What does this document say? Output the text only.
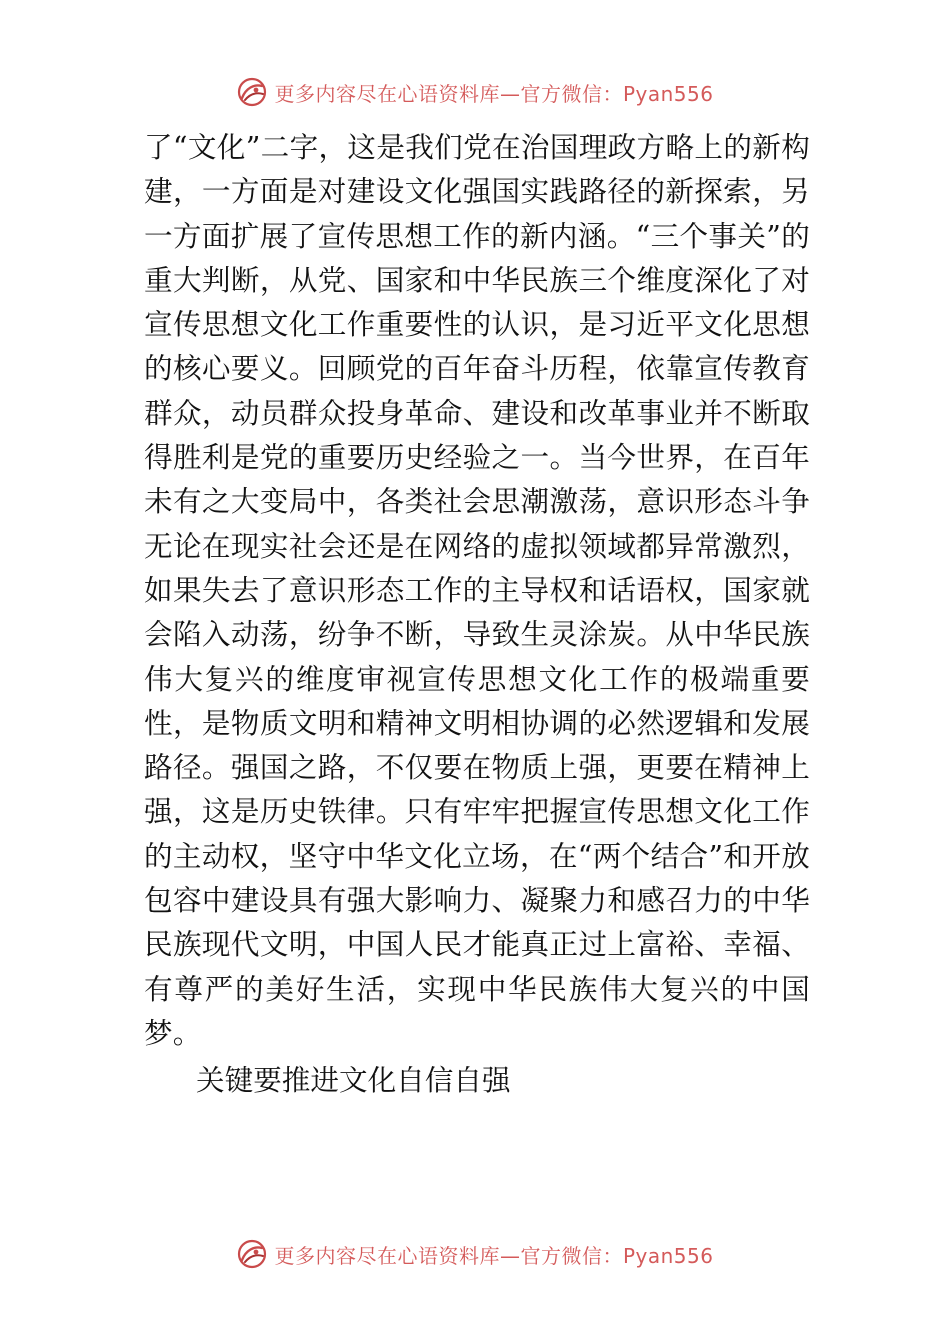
更多内容尽在心语资料库—官方微信：Pyan556

了“文化”二字，这是我们党在治国理政方略上的新构建，一方面是对建设文化强国实践路径的新探索，另一方面扩展了宣传思想工作的新内涵。“三个事关”的重大判断，从党、国家和中华民族三个维度深化了对宣传思想文化工作重要性的认识，是习近平文化思想的核心要义。回顾党的百年奋斗历程，依靠宣传教育群众，动员群众投身革命、建设和改革事业并不断取得胜利是党的重要历史经验之一。当今世界，在百年未有之大变局中，各类社会思潮激荡，意识形态斗争无论在现实社会还是在网络的虚拟领域都异常激烈，如果失去了意识形态工作的主导权和话语权，国家就会陷入动荡，纷争不断，导致生灵涂炭。从中华民族伟大复兴的维度审视宣传思想文化工作的极端重要性，是物质文明和精神文明相协调的必然逻辑和发展路径。强国之路，不仅要在物质上强，更要在精神上强，这是历史铁律。只有牢牢把握宣传思想文化工作的主动权，坚守中华文化立场，在“两个结合”和开放包容中建设具有强大影响力、凝聚力和感召力的中华民族现代文明，中国人民才能真正过上富裕、幸福、有尊严的美好生活，实现中华民族伟大复兴的中国梦。

关键要推进文化自信自强
更多内容尽在心语资料库—官方微信：Pyan556
